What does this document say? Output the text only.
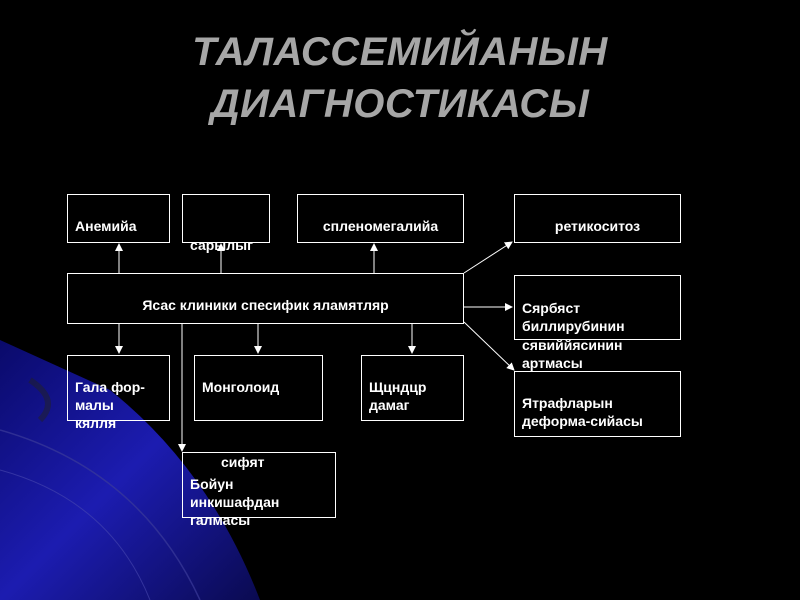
ТАЛАССЕМИЙАНЫН
ДИАГНОСТИКАСЫ

Анемийа

сарылыг

спленомегалийа	ретикоситоз

Ясас клиники спесифик яламятляр	Сярбяст
биллирубинин
сявиййясинин
артмасы

Ятрафларын
деформа-сийасы

Гала фор-
малы
кялля

Монголоид	Щцндцр
дамаг

Бойун
инкишафдан
галмасы

сифят
